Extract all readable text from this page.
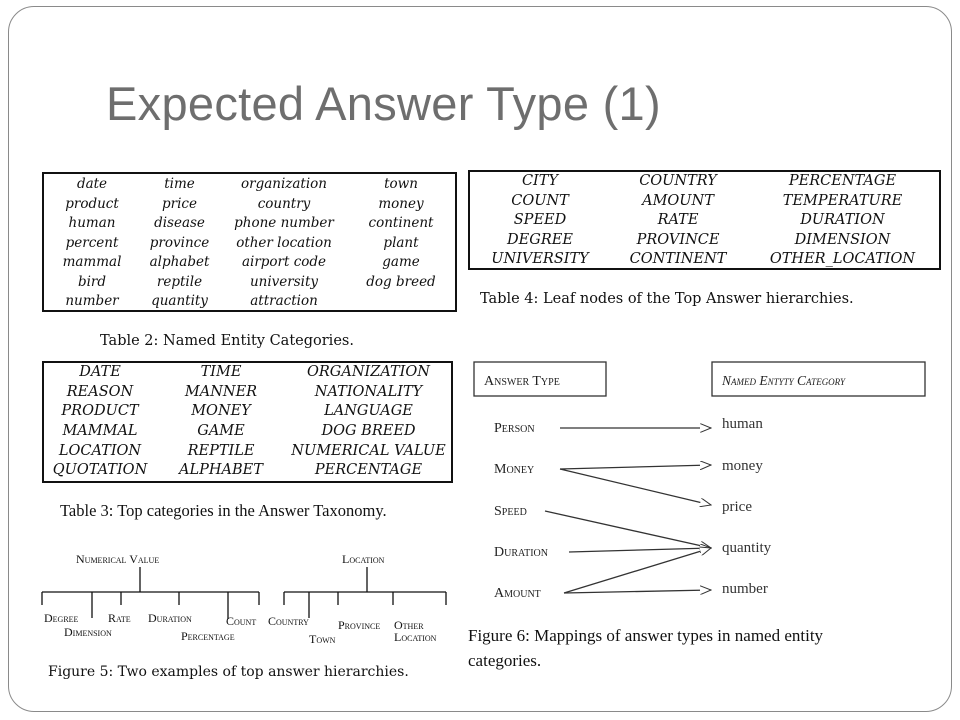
Expected Answer Type (1)
date	time	organization	town
product	price	country	money
human	disease	phone number	continent
percent	province	other location	plant
mammal	alphabet	airport code	game
bird	reptile	university	dog breed
number	quantity	attraction
Table 2: Named Entity Categories.
CITY	COUNTRY	PERCENTAGE
COUNT	AMOUNT	TEMPERATURE
SPEED	RATE	DURATION
DEGREE	PROVINCE	DIMENSION
UNIVERSITY	CONTINENT	OTHER_LOCATION
Table 4: Leaf nodes of the Top Answer hierarchies.
DATE	TIME	ORGANIZATION
REASON	MANNER	NATIONALITY
PRODUCT	MONEY	LANGUAGE
MAMMAL	GAME	DOG BREED
LOCATION	REPTILE	NUMERICAL VALUE
QUOTATION	ALPHABET	PERCENTAGE
Table 3: Top categories in the Answer Taxonomy.
Numerical Value
Degree
Dimension
Rate Duration
Percentage
Count
Location
Country
Town
Province Other
Location
Figure 5: Two examples of top answer hierarchies.
Answer Type	Named Entyty Category
Person
Money
Speed
Duration
Amount
human
money
price
quantity
number
Figure 6: Mappings of answer types in named entity
categories.
